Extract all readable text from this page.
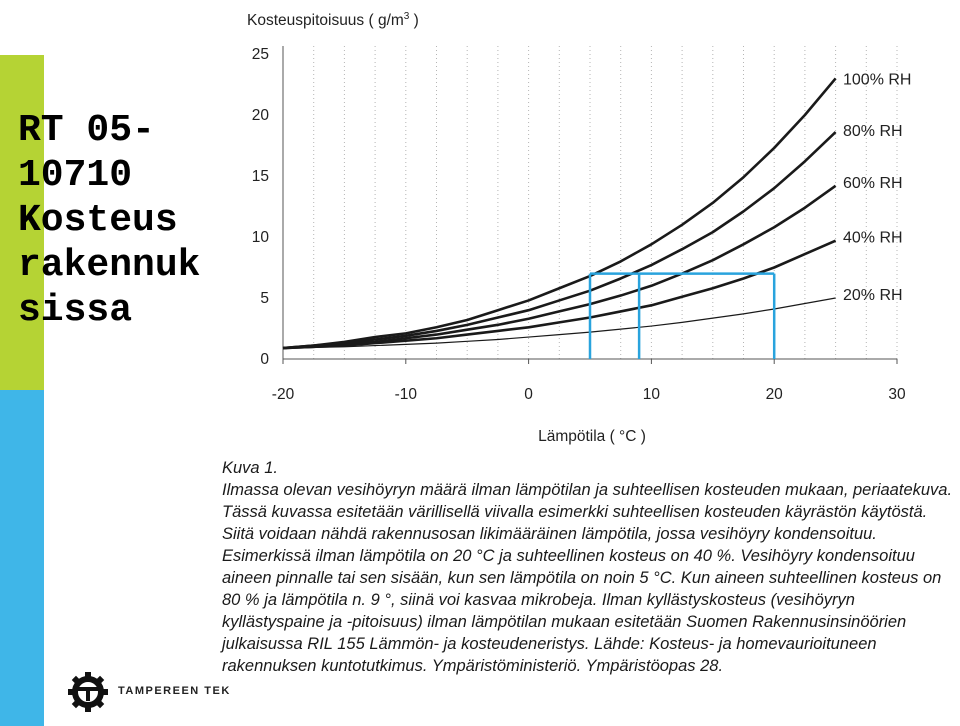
RT 05-
10710
Kosteus
rakennuk
sissa
-20	-10	0	10	20	30
0
5
10
15
20
25
100% RH
80% RH
60% RH
40% RH
20% RH
Kosteuspitoisuus ( $g/m^3$ )
Lämpötila ( °C )
Kuva 1.
Ilmassa olevan vesihöyryn määrä ilman lämpötilan ja suhteellisen kosteuden mukaan, periaatekuva. Tässä kuvassa esitetään värillisellä viivalla esimerkki suhteellisen kosteuden käyrästön käytöstä. Siitä voidaan nähdä rakennusosan likimääräinen lämpötila, jossa vesihöyry kondensoituu. Esimerkissä ilman lämpötila on 20 °C ja suhteellinen kosteus on 40 %. Vesihöyry kondensoituu aineen pinnalle tai sen sisään, kun sen lämpötila on noin 5 °C. Kun aineen suhteellinen kosteus on 80 % ja lämpötila n. 9 °, siinä voi kasvaa mikrobeja. Ilman kyllästyskosteus (vesihöyryn kyllästyspaine ja -pitoisuus) ilman lämpötilan mukaan esitetään Suomen Rakennusinsinöörien julkaisussa RIL 155 Lämmön- ja kosteudeneristys. Lähde: Kosteus- ja homevaurioituneen rakennuksen kuntotutkimus. Ympäristöministeriö. Ympäristöopas 28.
TAMPEREEN TEK
